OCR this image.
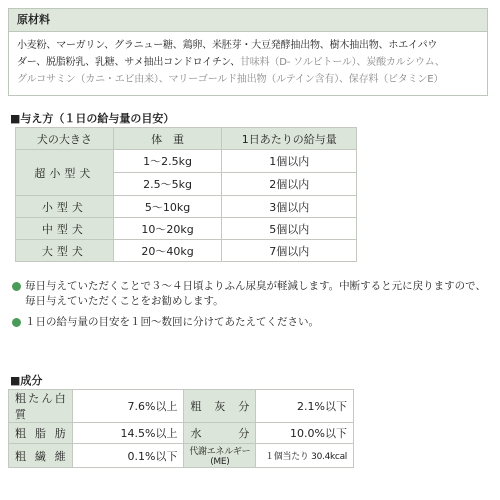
原材料
小麦粉、マーガリン、グラニュー糖、鶏卵、米胚芽・大豆発酵抽出物、樹木抽出物、ホエイパウ
ダー、脱脂粉乳、乳糖、サメ抽出コンドロイチン、甘味料（D- ソルビトール）、炭酸カルシウム、
グルコサミン（カニ・エビ由来）、マリーゴールド抽出物（ルテイン含有）、保存料（ビタミンE）
■与え方（１日の給与量の目安）
犬の大きさ	体　重	1日あたりの給与量
超小型犬	1〜2.5kg	1個以内
	2.5〜5kg	2個以内
小型犬	5〜10kg	3個以内
中型犬	10〜20kg	5個以内
大型犬	20〜40kg	7個以内
毎日与えていただくことで３〜４日頃よりふん尿臭が軽減します。中断すると元に戻りますので、毎日与えていただくことをお勧めします。
１日の給与量の目安を１回〜数回に分けてあたえてください。
■成分
粗たん白質	7.6%以上	粗灰分	2.1%以下
粗脂肪	14.5%以上	水分	10.0%以下
粗繊維	0.1%以下	代謝エネルギー(ME)	１個当たり 30.4kcal
